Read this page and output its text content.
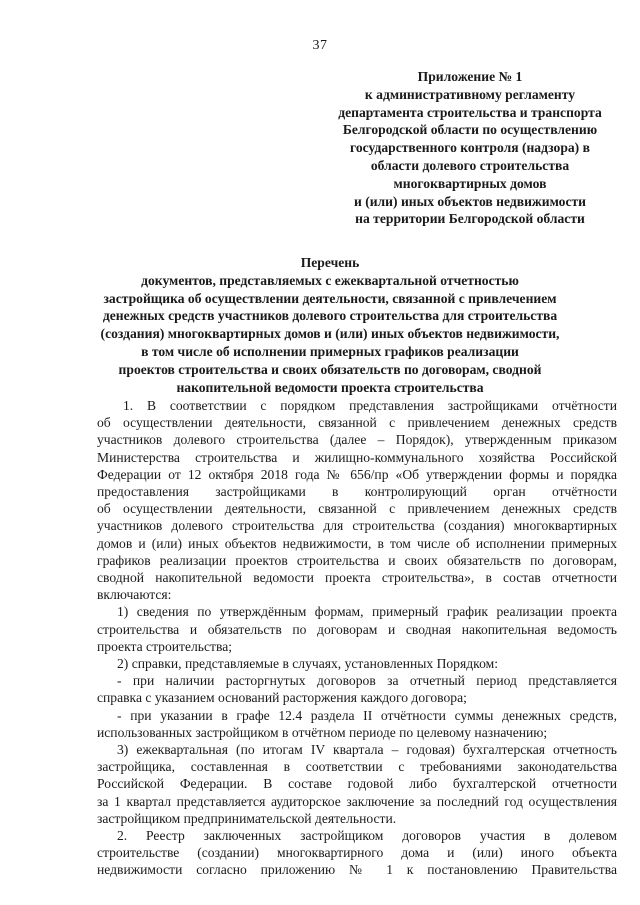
37
Приложение № 1
к административному регламенту
департамента строительства и транспорта
Белгородской области по осуществлению
государственного контроля (надзора) в
области долевого строительства
многоквартирных домов
и (или) иных объектов недвижимости
на территории Белгородской области
Перечень
документов, представляемых с ежеквартальной отчетностью
застройщика об осуществлении деятельности, связанной с привлечением
денежных средств участников долевого строительства для строительства
(создания) многоквартирных домов и (или) иных объектов недвижимости,
в том числе об исполнении примерных графиков реализации
проектов строительства и своих обязательств по договорам, сводной
накопительной ведомости проекта строительства
1. В соответствии с порядком представления застройщиками отчётности
об осуществлении деятельности, связанной с привлечением денежных средств
участников долевого строительства (далее – Порядок), утвержденным приказом
Министерства строительства и жилищно-коммунального хозяйства Российской
Федерации от 12 октября 2018 года № 656/пр «Об утверждении формы и порядка
предоставления застройщиками в контролирующий орган отчётности
об осуществлении деятельности, связанной с привлечением денежных средств
участников долевого строительства для строительства (создания) многоквартирных
домов и (или) иных объектов недвижимости, в том числе об исполнении примерных
графиков реализации проектов строительства и своих обязательств по договорам,
сводной накопительной ведомости проекта строительства», в состав отчетности
включаются:
1) сведения по утверждённым формам, примерный график реализации проекта
строительства и обязательств по договорам и сводная накопительная ведомость
проекта строительства;
2) справки, представляемые в случаях, установленных Порядком:
- при наличии расторгнутых договоров за отчетный период представляется
справка с указанием оснований расторжения каждого договора;
- при указании в графе 12.4 раздела II отчётности суммы денежных средств,
использованных застройщиком в отчётном периоде по целевому назначению;
3) ежеквартальная (по итогам IV квартала – годовая) бухгалтерская отчетность
застройщика, составленная в соответствии с требованиями законодательства
Российской Федерации. В составе годовой либо бухгалтерской отчетности
за 1 квартал представляется аудиторское заключение за последний год осуществления
застройщиком предпринимательской деятельности.
2. Реестр заключенных застройщиком договоров участия в долевом
строительстве (создании) многоквартирного дома и (или) иного объекта
недвижимости согласно приложению № 1 к постановлению Правительства
